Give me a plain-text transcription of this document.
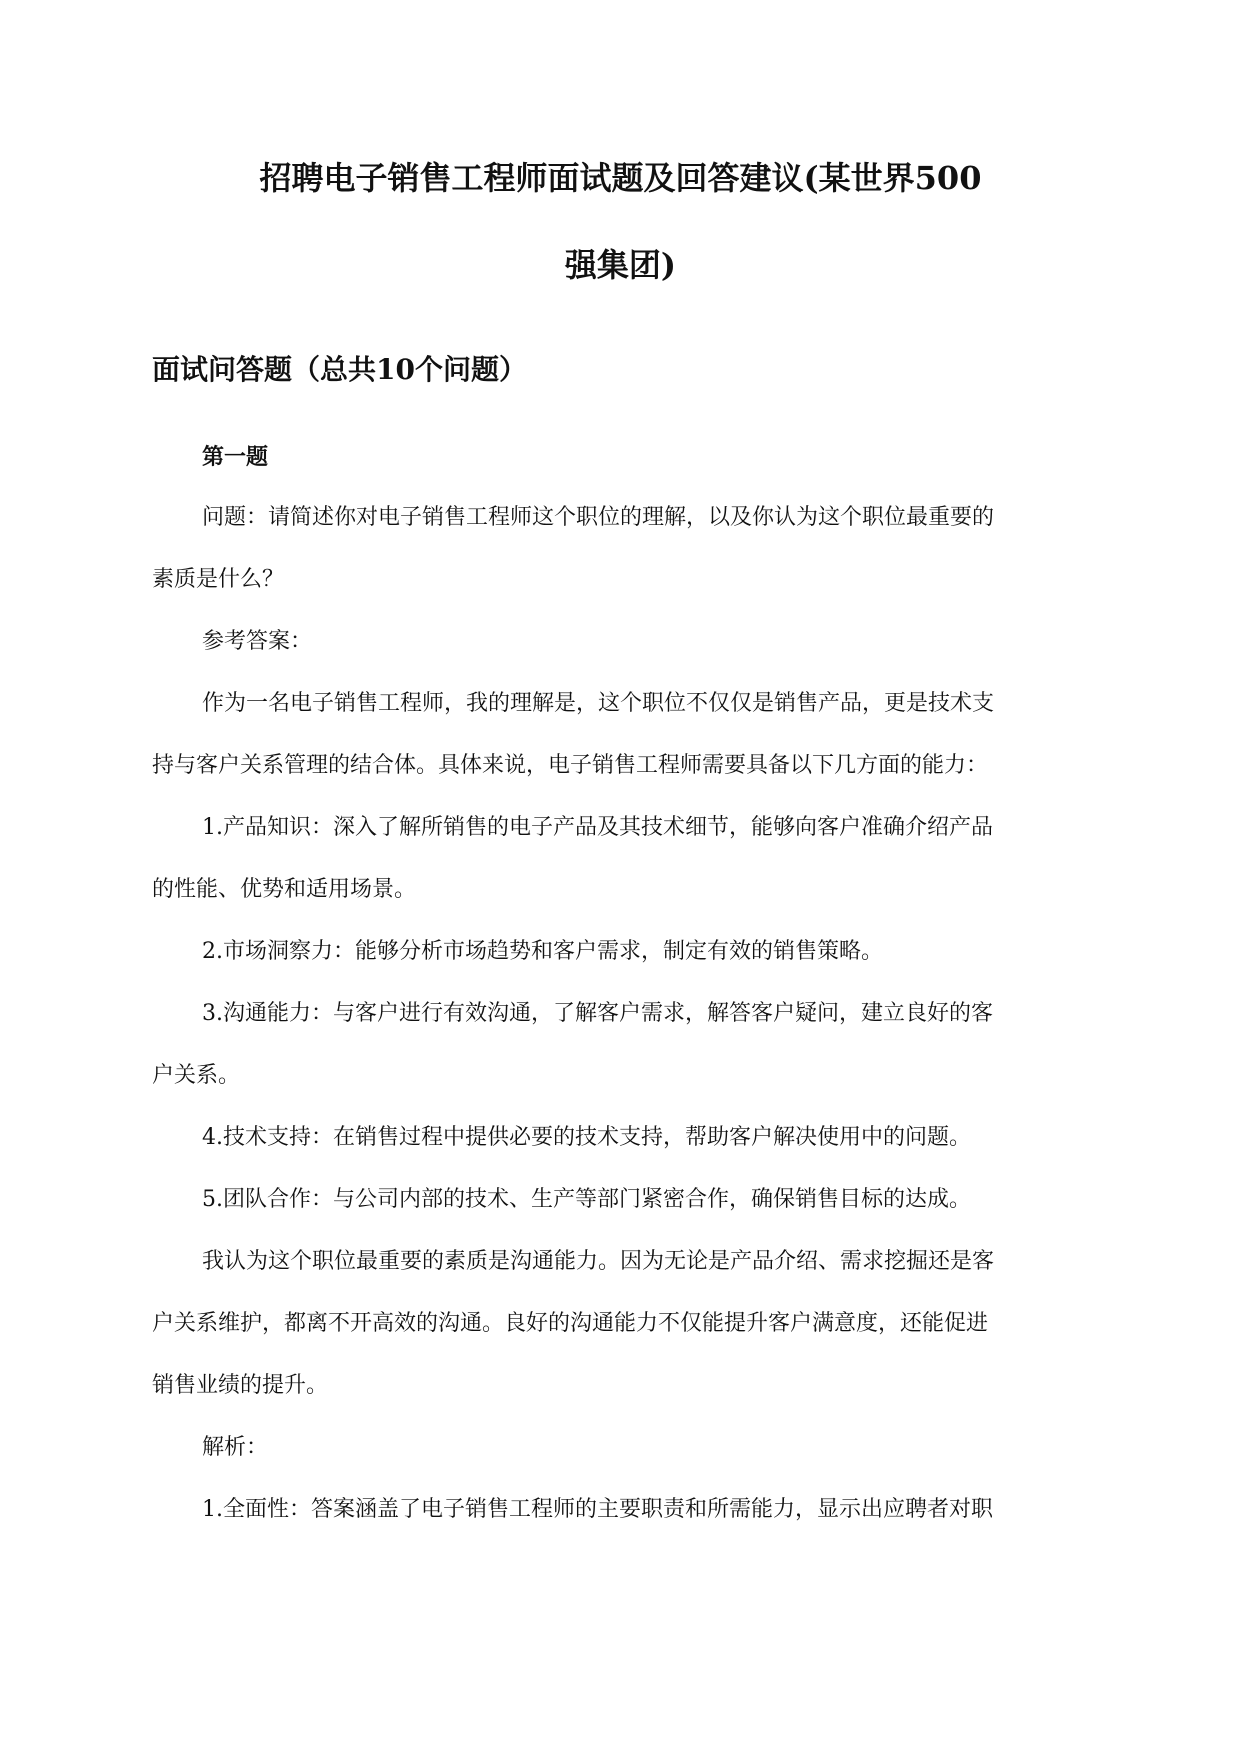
招聘电子销售工程师面试题及回答建议(某世界500
强集团)
面试问答题（总共10个问题）
第一题
问题：请简述你对电子销售工程师这个职位的理解，以及你认为这个职位最重要的
素质是什么？
参考答案：
作为一名电子销售工程师，我的理解是，这个职位不仅仅是销售产品，更是技术支
持与客户关系管理的结合体。具体来说，电子销售工程师需要具备以下几方面的能力：
1.产品知识：深入了解所销售的电子产品及其技术细节，能够向客户准确介绍产品
的性能、优势和适用场景。
2.市场洞察力：能够分析市场趋势和客户需求，制定有效的销售策略。
3.沟通能力：与客户进行有效沟通，了解客户需求，解答客户疑问，建立良好的客
户关系。
4.技术支持：在销售过程中提供必要的技术支持，帮助客户解决使用中的问题。
5.团队合作：与公司内部的技术、生产等部门紧密合作，确保销售目标的达成。
我认为这个职位最重要的素质是沟通能力。因为无论是产品介绍、需求挖掘还是客
户关系维护，都离不开高效的沟通。良好的沟通能力不仅能提升客户满意度，还能促进
销售业绩的提升。
解析：
1.全面性：答案涵盖了电子销售工程师的主要职责和所需能力，显示出应聘者对职
